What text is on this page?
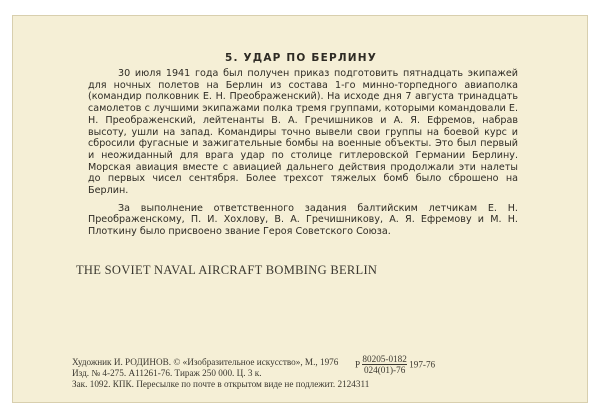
5. УДАР ПО БЕРЛИНУ

30 июля 1941 года был получен приказ подготовить пятнадцать экипажей для ночных полетов на Берлин из состава 1-го минно-торпедного авиаполка (командир полковник Е. Н. Преображенский). На исходе дня 7 августа тринадцать самолетов с лучшими экипажами полка тремя группами, которыми командовали Е. Н. Преображенский, лейтенанты В. А. Гречишников и А. Я. Ефремов, набрав высоту, ушли на запад. Командиры точно вывели свои группы на боевой курс и сбросили фугасные и зажигательные бомбы на военные объекты. Это был первый и неожиданный для врага удар по столице гитлеровской Германии Берлину. Морская авиация вместе с авиацией дальнего действия продолжали эти налеты до первых чисел сентября. Более трехсот тяжелых бомб было сброшено на Берлин.

За выполнение ответственного задания балтийским летчикам Е. Н. Преображенскому, П. И. Хохлову, В. А. Гречишникову, А. Я. Ефремову и М. Н. Плоткину было присвоено звание Героя Советского Союза.

THE SOVIET NAVAL AIRCRAFT BOMBING BERLIN
Художник И. РОДИНОВ. © «Изобразительное искусство», М., 1976
Изд. № 4-275. А11261-76. Тираж 250 000. Ц. 3 к.
Зак. 1092. КПК. Пересылке по почте в открытом виде не подлежит. 2124311
Р $\frac{80205-0182}{024(01)-76} 197-76$
